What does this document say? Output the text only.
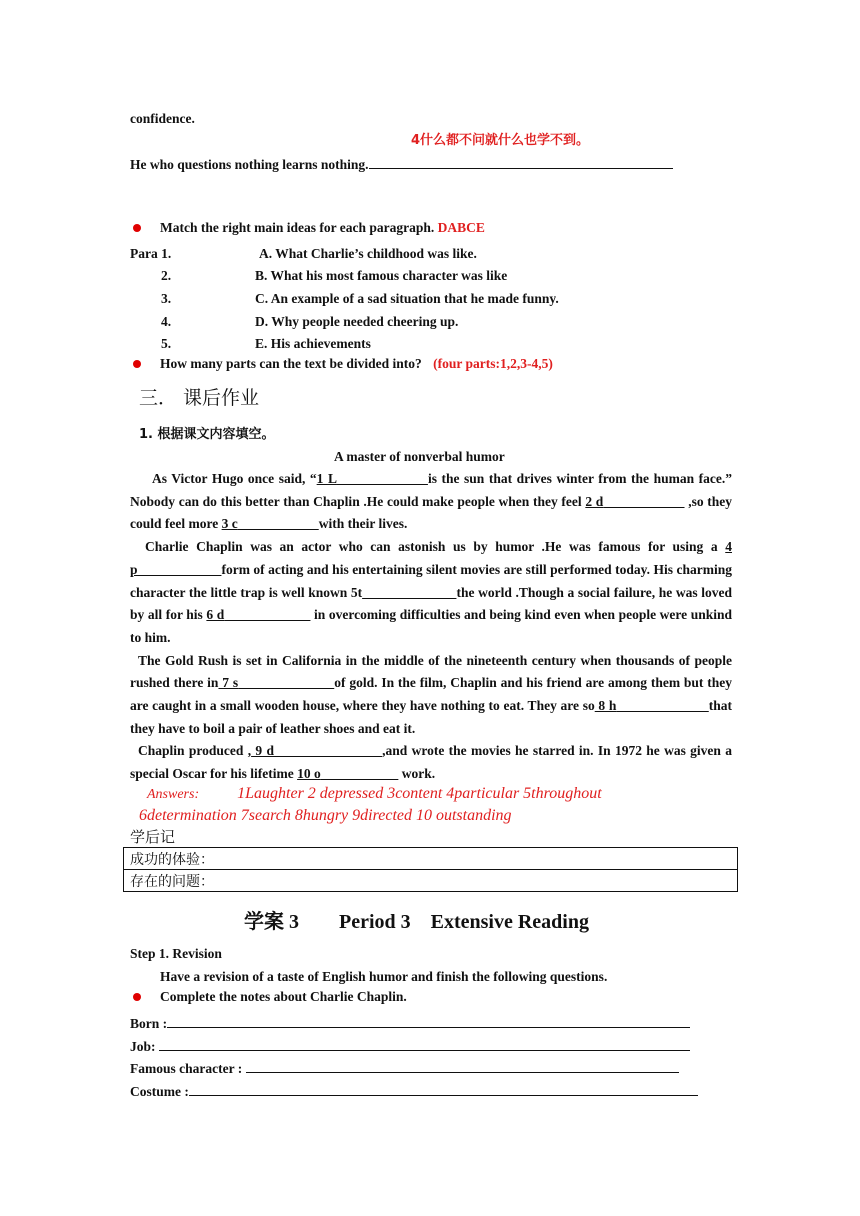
confidence.
4什么都不问就什么也学不到。
He who questions nothing learns nothing.
Match the right main ideas for each paragraph. DABCE
Para 1.	A. What Charlie’s childhood was like.
2.	B. What his most famous character was like
3.	C. An example of a sad situation that he made funny.
4.	D. Why people needed cheering up.
5.	E. His achievements
How many parts can the text be divided into? (four parts:1,2,3-4,5)
三． 课后作业
1. 根据课文内容填空。
A master of nonverbal humor

As Victor Hugo once said, “1 L	is the sun that drives winter from the human face.” Nobody can do this better than Chaplin .He could make people when they feel 2 d	,so they could feel more 3 c	with their lives.

Charlie Chaplin was an actor who can astonish us by humor .He was famous for using a 4 p	form of acting and his entertaining silent movies are still performed today. His charming character the little trap is well known 5t	the world .Though a social failure, he was loved by all for his 6 d	in overcoming difficulties and being kind even when people were unkind to him.

The Gold Rush is set in California in the middle of the nineteenth century when thousands of people rushed there in 7 s	of gold. In the film, Chaplin and his friend are among them but they are caught in a small wooden house, where they have nothing to eat. They are so 8 h	that they have to boil a pair of leather shoes and eat it.

Chaplin produced , 9 d	,and wrote the movies he starred in. In 1972 he was given a special Oscar for his lifetime 10 o	work.

Answers: 1Laughter 2 depressed 3content 4particular 5throughout
6determination 7search 8hungry 9directed 10 outstanding
学后记
成功的体验：
存在的问题：
学案 3        Period 3    Extensive Reading
Step 1. Revision
Have a revision of a taste of English humor and finish the following questions.
Complete the notes about Charlie Chaplin.
Born :
Job:
Famous character :
Costume :
